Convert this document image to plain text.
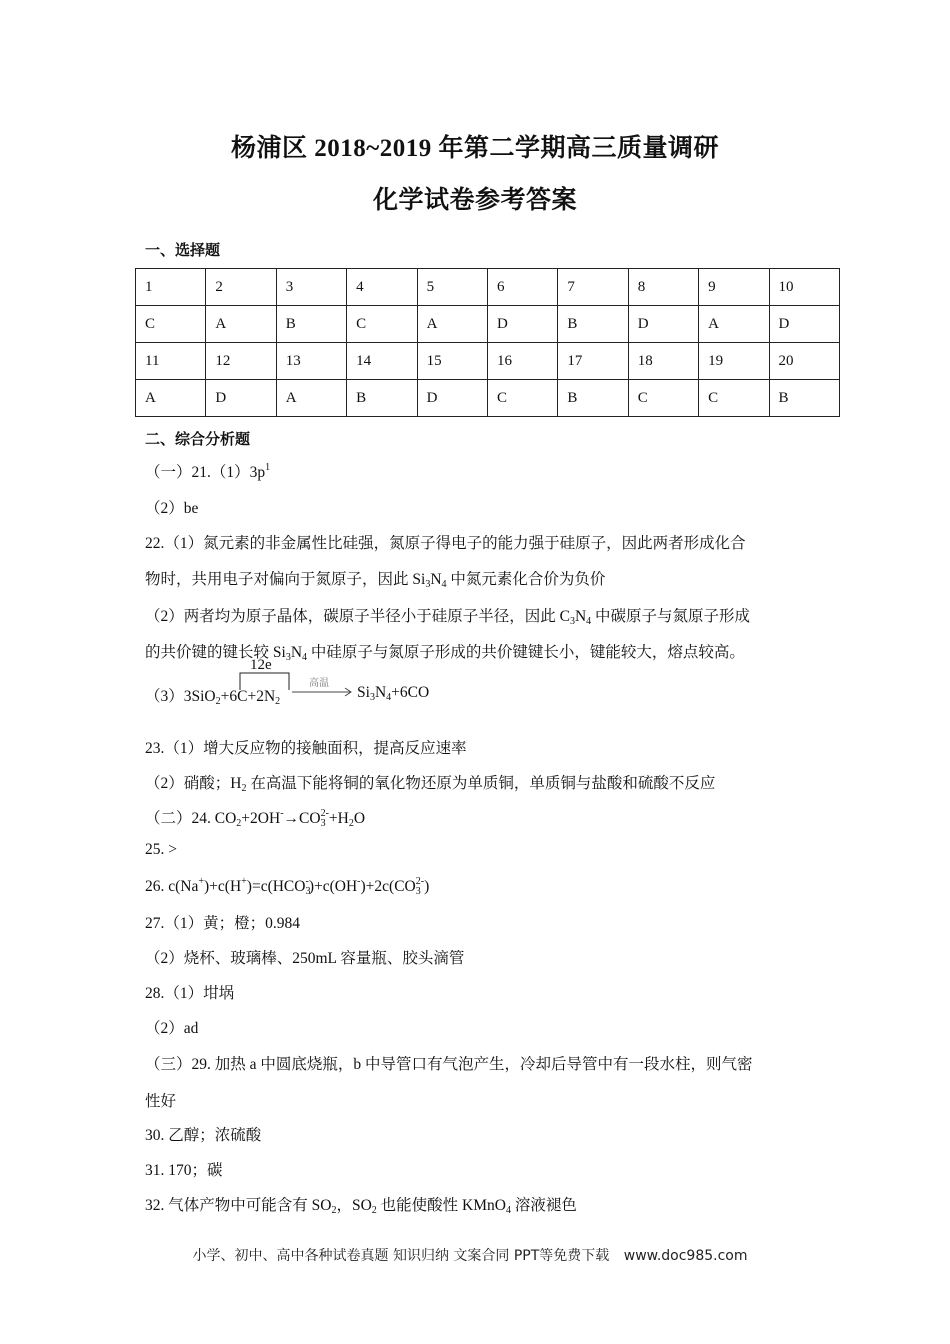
杨浦区 2018~2019 年第二学期高三质量调研
化学试卷参考答案
一、选择题
1	2	3	4	5	6	7	8	9	10
C	A	B	C	A	D	B	D	A	D
11	12	13	14	15	16	17	18	19	20
A	D	A	B	D	C	B	C	C	B
二、综合分析题
（一）$21.(1)3p^1$
（2）be
22.（1）氮元素的非金属性比硅强，氮原子得电子的能力强于硅原子，因此两者形成化合
物时，共用电子对偏向于氮原子，因此 $Si_3N_4$ 中氮元素化合价为负价
（2）两者均为原子晶体，碳原子半径小于硅原子半径，因此 $C_3N_4$ 中碳原子与氮原子形成
的共价键的键长较 $Si_3N_4$ 中硅原子与氮原子形成的共价键键长小，键能较大，熔点较高。
12e
$(3)3SiO_2+6C+2N_2$
高温
$Si_3N_4+6CO$
23.（1）增大反应物的接触面积，提高反应速率
（2）硝酸；$H_2$ 在高温下能将铜的氧化物还原为单质铜，单质铜与盐酸和硫酸不反应
（二）24. $CO_2+2OH^-\to CO_3^{2-}+H_2O$
25. >
26. $c(Na^+)+c(H^+)=c(HCO_3^-)+c(OH^-)+2c(CO_3^{2-})$
27.（1）黄；橙；0.984
（2）烧杯、玻璃棒、250mL 容量瓶、胶头滴管
28.（1）坩埚
（2）ad
（三）29. 加热 a 中圆底烧瓶，b 中导管口有气泡产生，冷却后导管中有一段水柱，则气密
性好
30. 乙醇；浓硫酸
31. 170；碳
32. 气体产物中可能含有 $SO_2$，$SO_2$ 也能使酸性 KMnO$_4$ 溶液褪色
小学、初中、高中各种试卷真题 知识归纳 文案合同 PPT等免费下载 www.doc985.com
